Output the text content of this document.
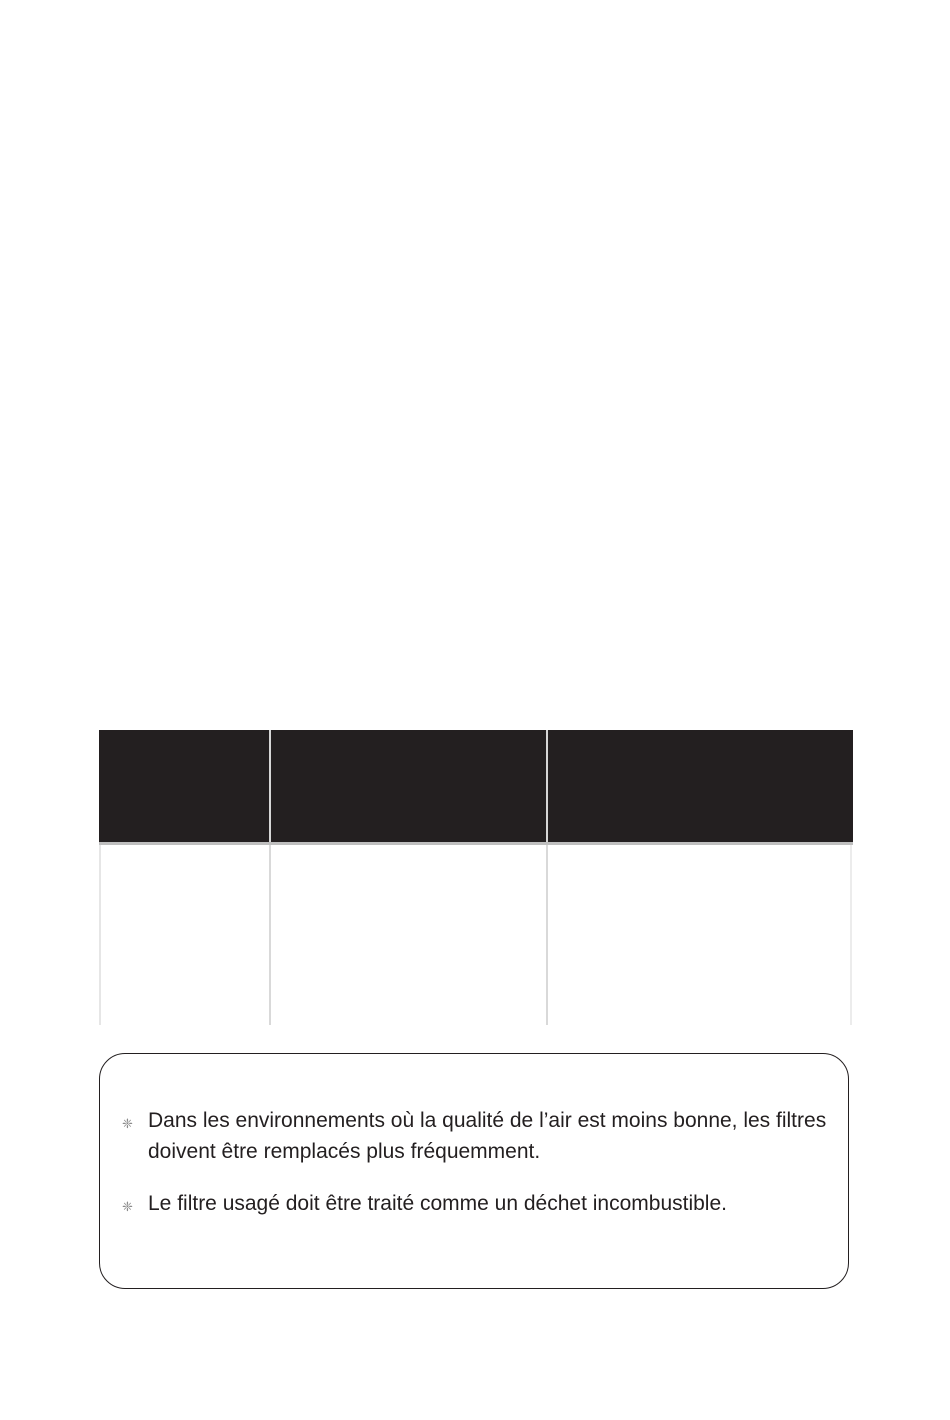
❈ Dans les environnements où la qualité de l’air est moins bonne, les filtres doivent être remplacés plus fréquemment.
❈ Le filtre usagé doit être traité comme un déchet incombustible.
